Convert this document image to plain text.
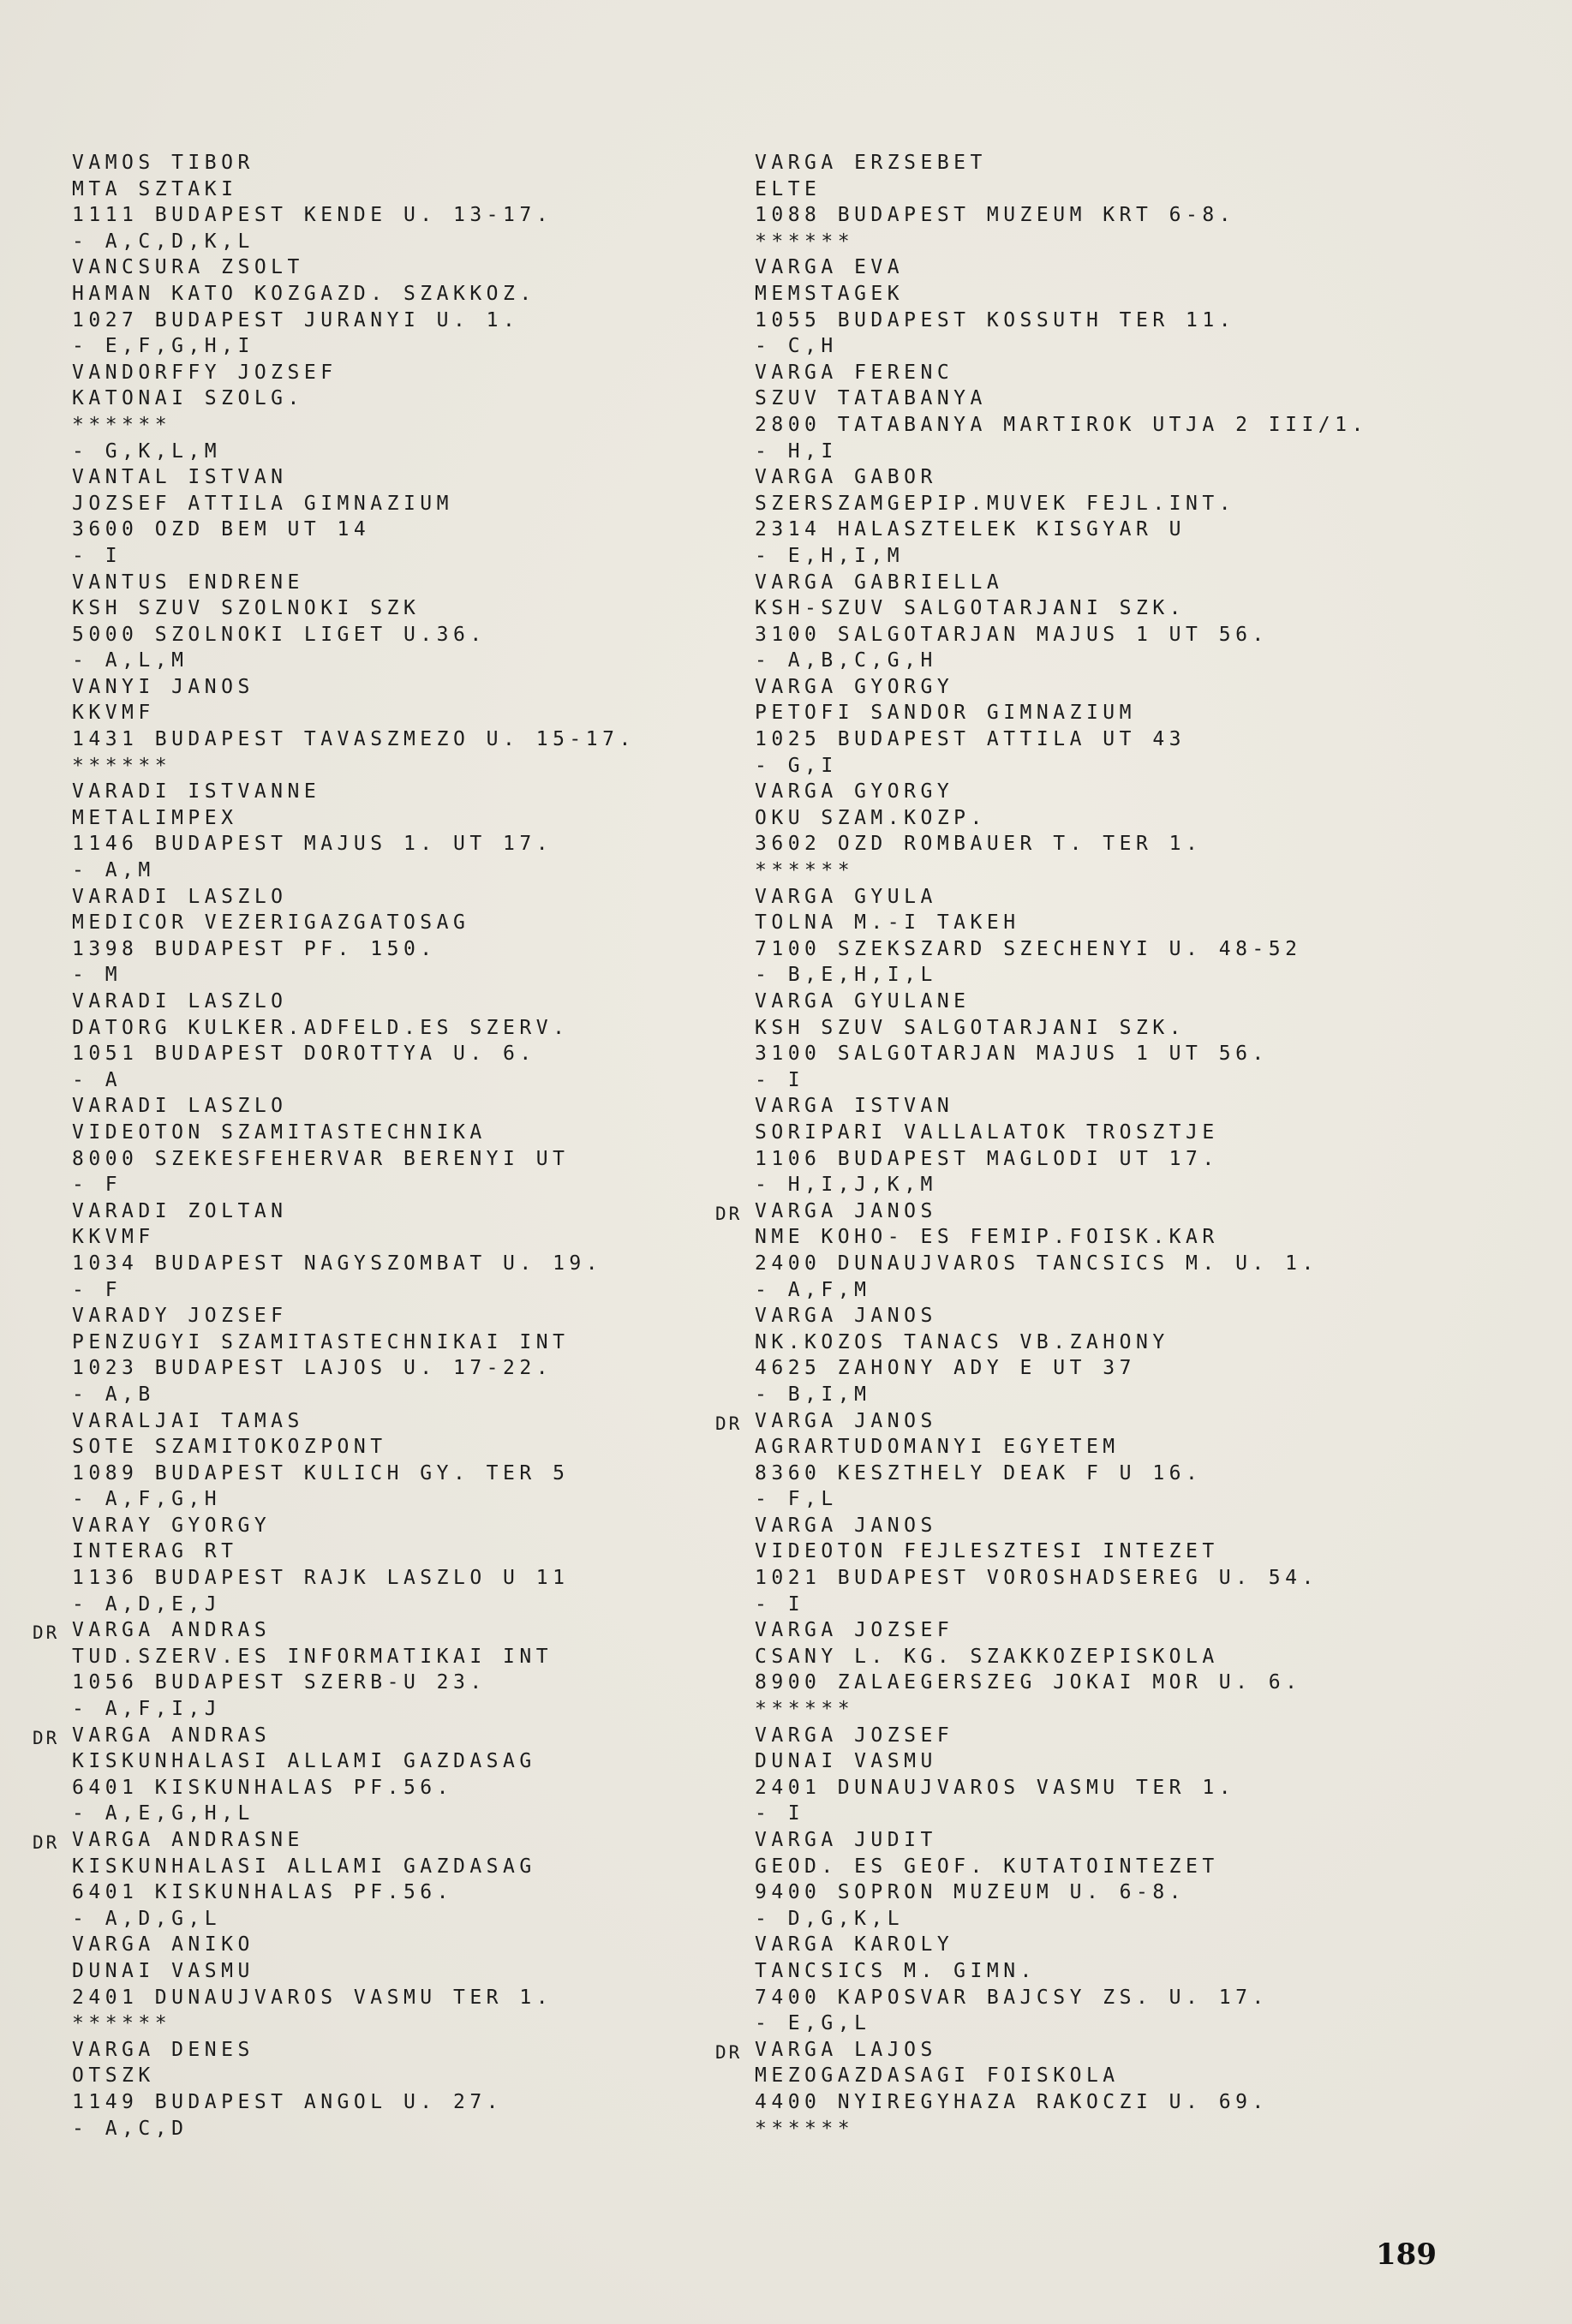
VAMOS TIBOR
MTA SZTAKI
1111 BUDAPEST KENDE U. 13-17.
- A,C,D,K,L
VANCSURA ZSOLT
HAMAN KATO KOZGAZD. SZAKKOZ.
1027 BUDAPEST JURANYI U. 1.
- E,F,G,H,I
VANDORFFY JOZSEF
KATONAI SZOLG.
******
- G,K,L,M
VANTAL ISTVAN
JOZSEF ATTILA GIMNAZIUM
3600 OZD BEM UT 14
- I
VANTUS ENDRENE
KSH SZUV SZOLNOKI SZK
5000 SZOLNOKI LIGET U.36.
- A,L,M
VANYI JANOS
KKVMF
1431 BUDAPEST TAVASZMEZO U. 15-17.
******
VARADI ISTVANNE
METALIMPEX
1146 BUDAPEST MAJUS 1. UT 17.
- A,M
VARADI LASZLO
MEDICOR VEZERIGAZGATOSAG
1398 BUDAPEST PF. 150.
- M
VARADI LASZLO
DATORG KULKER.ADFELD.ES SZERV.
1051 BUDAPEST DOROTTYA U. 6.
- A
VARADI LASZLO
VIDEOTON SZAMITASTECHNIKA
8000 SZEKESFEHERVAR BERENYI UT
- F
VARADI ZOLTAN
KKVMF
1034 BUDAPEST NAGYSZOMBAT U. 19.
- F
VARADY JOZSEF
PENZUGYI SZAMITASTECHNIKAI INT
1023 BUDAPEST LAJOS U. 17-22.
- A,B
VARALJAI TAMAS
SOTE SZAMITOKOZPONT
1089 BUDAPEST KULICH GY. TER 5
- A,F,G,H
VARAY GYORGY
INTERAG RT
1136 BUDAPEST RAJK LASZLO U 11
- A,D,E,J
DR VARGA ANDRAS
TUD.SZERV.ES INFORMATIKAI INT
1056 BUDAPEST SZERB-U 23.
- A,F,I,J
DR VARGA ANDRAS
KISKUNHALASI ALLAMI GAZDASAG
6401 KISKUNHALAS PF.56.
- A,E,G,H,L
DR VARGA ANDRASNE
KISKUNHALASI ALLAMI GAZDASAG
6401 KISKUNHALAS PF.56.
- A,D,G,L
VARGA ANIKO
DUNAI VASMU
2401 DUNAUJVAROS VASMU TER 1.
******
VARGA DENES
OTSZK
1149 BUDAPEST ANGOL U. 27.
- A,C,D
VARGA ERZSEBET
ELTE
1088 BUDAPEST MUZEUM KRT 6-8.
******
VARGA EVA
MEMSTAGEK
1055 BUDAPEST KOSSUTH TER 11.
- C,H
VARGA FERENC
SZUV TATABANYA
2800 TATABANYA MARTIROK UTJA 2 III/1.
- H,I
VARGA GABOR
SZERSZAMGEPIP.MUVEK FEJL.INT.
2314 HALASZTELEK KISGYAR U
- E,H,I,M
VARGA GABRIELLA
KSH-SZUV SALGOTARJANI SZK.
3100 SALGOTARJAN MAJUS 1 UT 56.
- A,B,C,G,H
VARGA GYORGY
PETOFI SANDOR GIMNAZIUM
1025 BUDAPEST ATTILA UT 43
- G,I
VARGA GYORGY
OKU SZAM.KOZP.
3602 OZD ROMBAUER T. TER 1.
******
VARGA GYULA
TOLNA M.-I TAKEH
7100 SZEKSZARD SZECHENYI U. 48-52
- B,E,H,I,L
VARGA GYULANE
KSH SZUV SALGOTARJANI SZK.
3100 SALGOTARJAN MAJUS 1 UT 56.
- I
VARGA ISTVAN
SORIPARI VALLALATOK TROSZTJE
1106 BUDAPEST MAGLODI UT 17.
- H,I,J,K,M
DR VARGA JANOS
NME KOHO- ES FEMIP.FOISK.KAR
2400 DUNAUJVAROS TANCSICS M. U. 1.
- A,F,M
VARGA JANOS
NK.KOZOS TANACS VB.ZAHONY
4625 ZAHONY ADY E UT 37
- B,I,M
DR VARGA JANOS
AGRARTUDOMANYI EGYETEM
8360 KESZTHELY DEAK F U 16.
- F,L
VARGA JANOS
VIDEOTON FEJLESZTESI INTEZET
1021 BUDAPEST VOROSHADSEREG U. 54.
- I
VARGA JOZSEF
CSANY L. KG. SZAKKOZEPISKOLA
8900 ZALAEGERSZEG JOKAI MOR U. 6.
******
VARGA JOZSEF
DUNAI VASMU
2401 DUNAUJVAROS VASMU TER 1.
- I
VARGA JUDIT
GEOD. ES GEOF. KUTATOINTEZET
9400 SOPRON MUZEUM U. 6-8.
- D,G,K,L
VARGA KAROLY
TANCSICS M. GIMN.
7400 KAPOSVAR BAJCSY ZS. U. 17.
- E,G,L
DR VARGA LAJOS
MEZOGAZDASAGI FOISKOLA
4400 NYIREGYHAZA RAKOCZI U. 69.
******
189
